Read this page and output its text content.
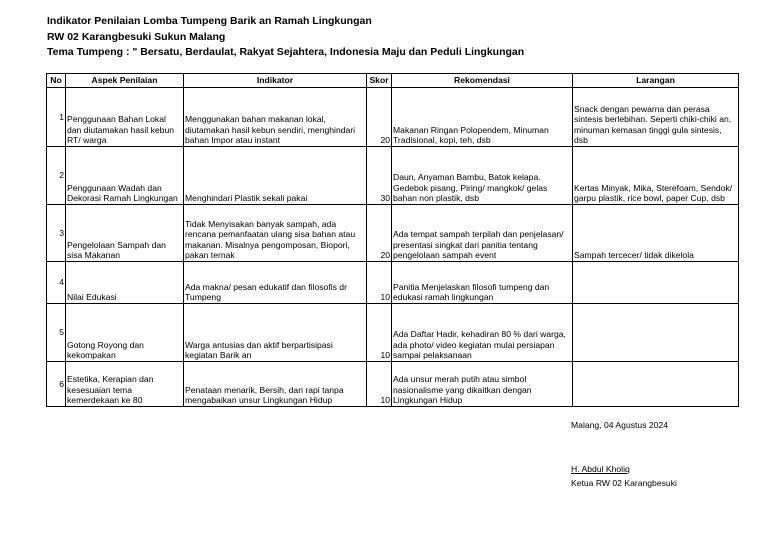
Indikator Penilaian Lomba Tumpeng Barik an Ramah Lingkungan
RW 02 Karangbesuki Sukun Malang
Tema Tumpeng : " Bersatu, Berdaulat, Rakyat Sejahtera, Indonesia Maju dan Peduli Lingkungan
No	Aspek Penilaian	Indikator	Skor	Rekomendasi	Larangan
1	Penggunaan Bahan Lokal dan diutamakan hasil kebun RT/ warga	Menggunakan bahan makanan lokal, diutamakan hasil kebun sendiri, menghindari bahan Impor atau instant	20	Makanan Ringan Polopendem, Minuman Tradisional, kopi, teh, dsb	Snack dengan pewarna dan perasa sintesis berlebihan. Seperti chiki-chiki an, minuman kemasan tinggi gula sintesis, dsb
2	Penggunaan Wadah dan Dekorasi Ramah Lingkungan	Menghindari Plastik sekali pakai	30	Daun, Anyaman Bambu, Batok kelapa. Gedebok pisang, Piring/ mangkok/ gelas bahan non plastik, dsb	Kertas Minyak, Mika, Sterefoam, Sendok/ garpu plastik, rice bowl, paper Cup, dsb
3	Pengelolaan Sampah dan sisa Makanan	Tidak Menyisakan banyak sampah, ada rencana pemanfaatan ulang sisa bahan atau makanan. Misalnya pengomposan, Biopori, pakan ternak	20	Ada tempat sampah terpilah dan penjelasan/ presentasi singkat dari panitia tentang pengelolaan sampah event	Sampah tercecer/ tidak dikelola
4	Nilai Edukasi	Ada makna/ pesan edukatif dan filosofis dr Tumpeng	10	Panitia Menjelaskan filosofi tumpeng dan edukasi ramah lingkungan	
5	Gotong Royong dan kekompakan	Warga antusias dan aktif berpartisipasi kegiatan Barik an	10	Ada Daftar Hadir, kehadiran 80 % dari warga, ada photo/ video kegiatan mulai persiapan sampai pelaksanaan	
6	Estetika, Kerapian dan kesesuaian tema kemerdekaan ke 80	Penataan menarik, Bersih, dan rapi tanpa mengabaikan unsur Lingkungan Hidup	10	Ada unsur merah putih atau simbol nasionalisme yang dikaitkan dengan Lingkungan Hidup	
Malang, 04 Agustus 2024
H. Abdul Kholiq
Ketua RW 02 Karangbesuki
